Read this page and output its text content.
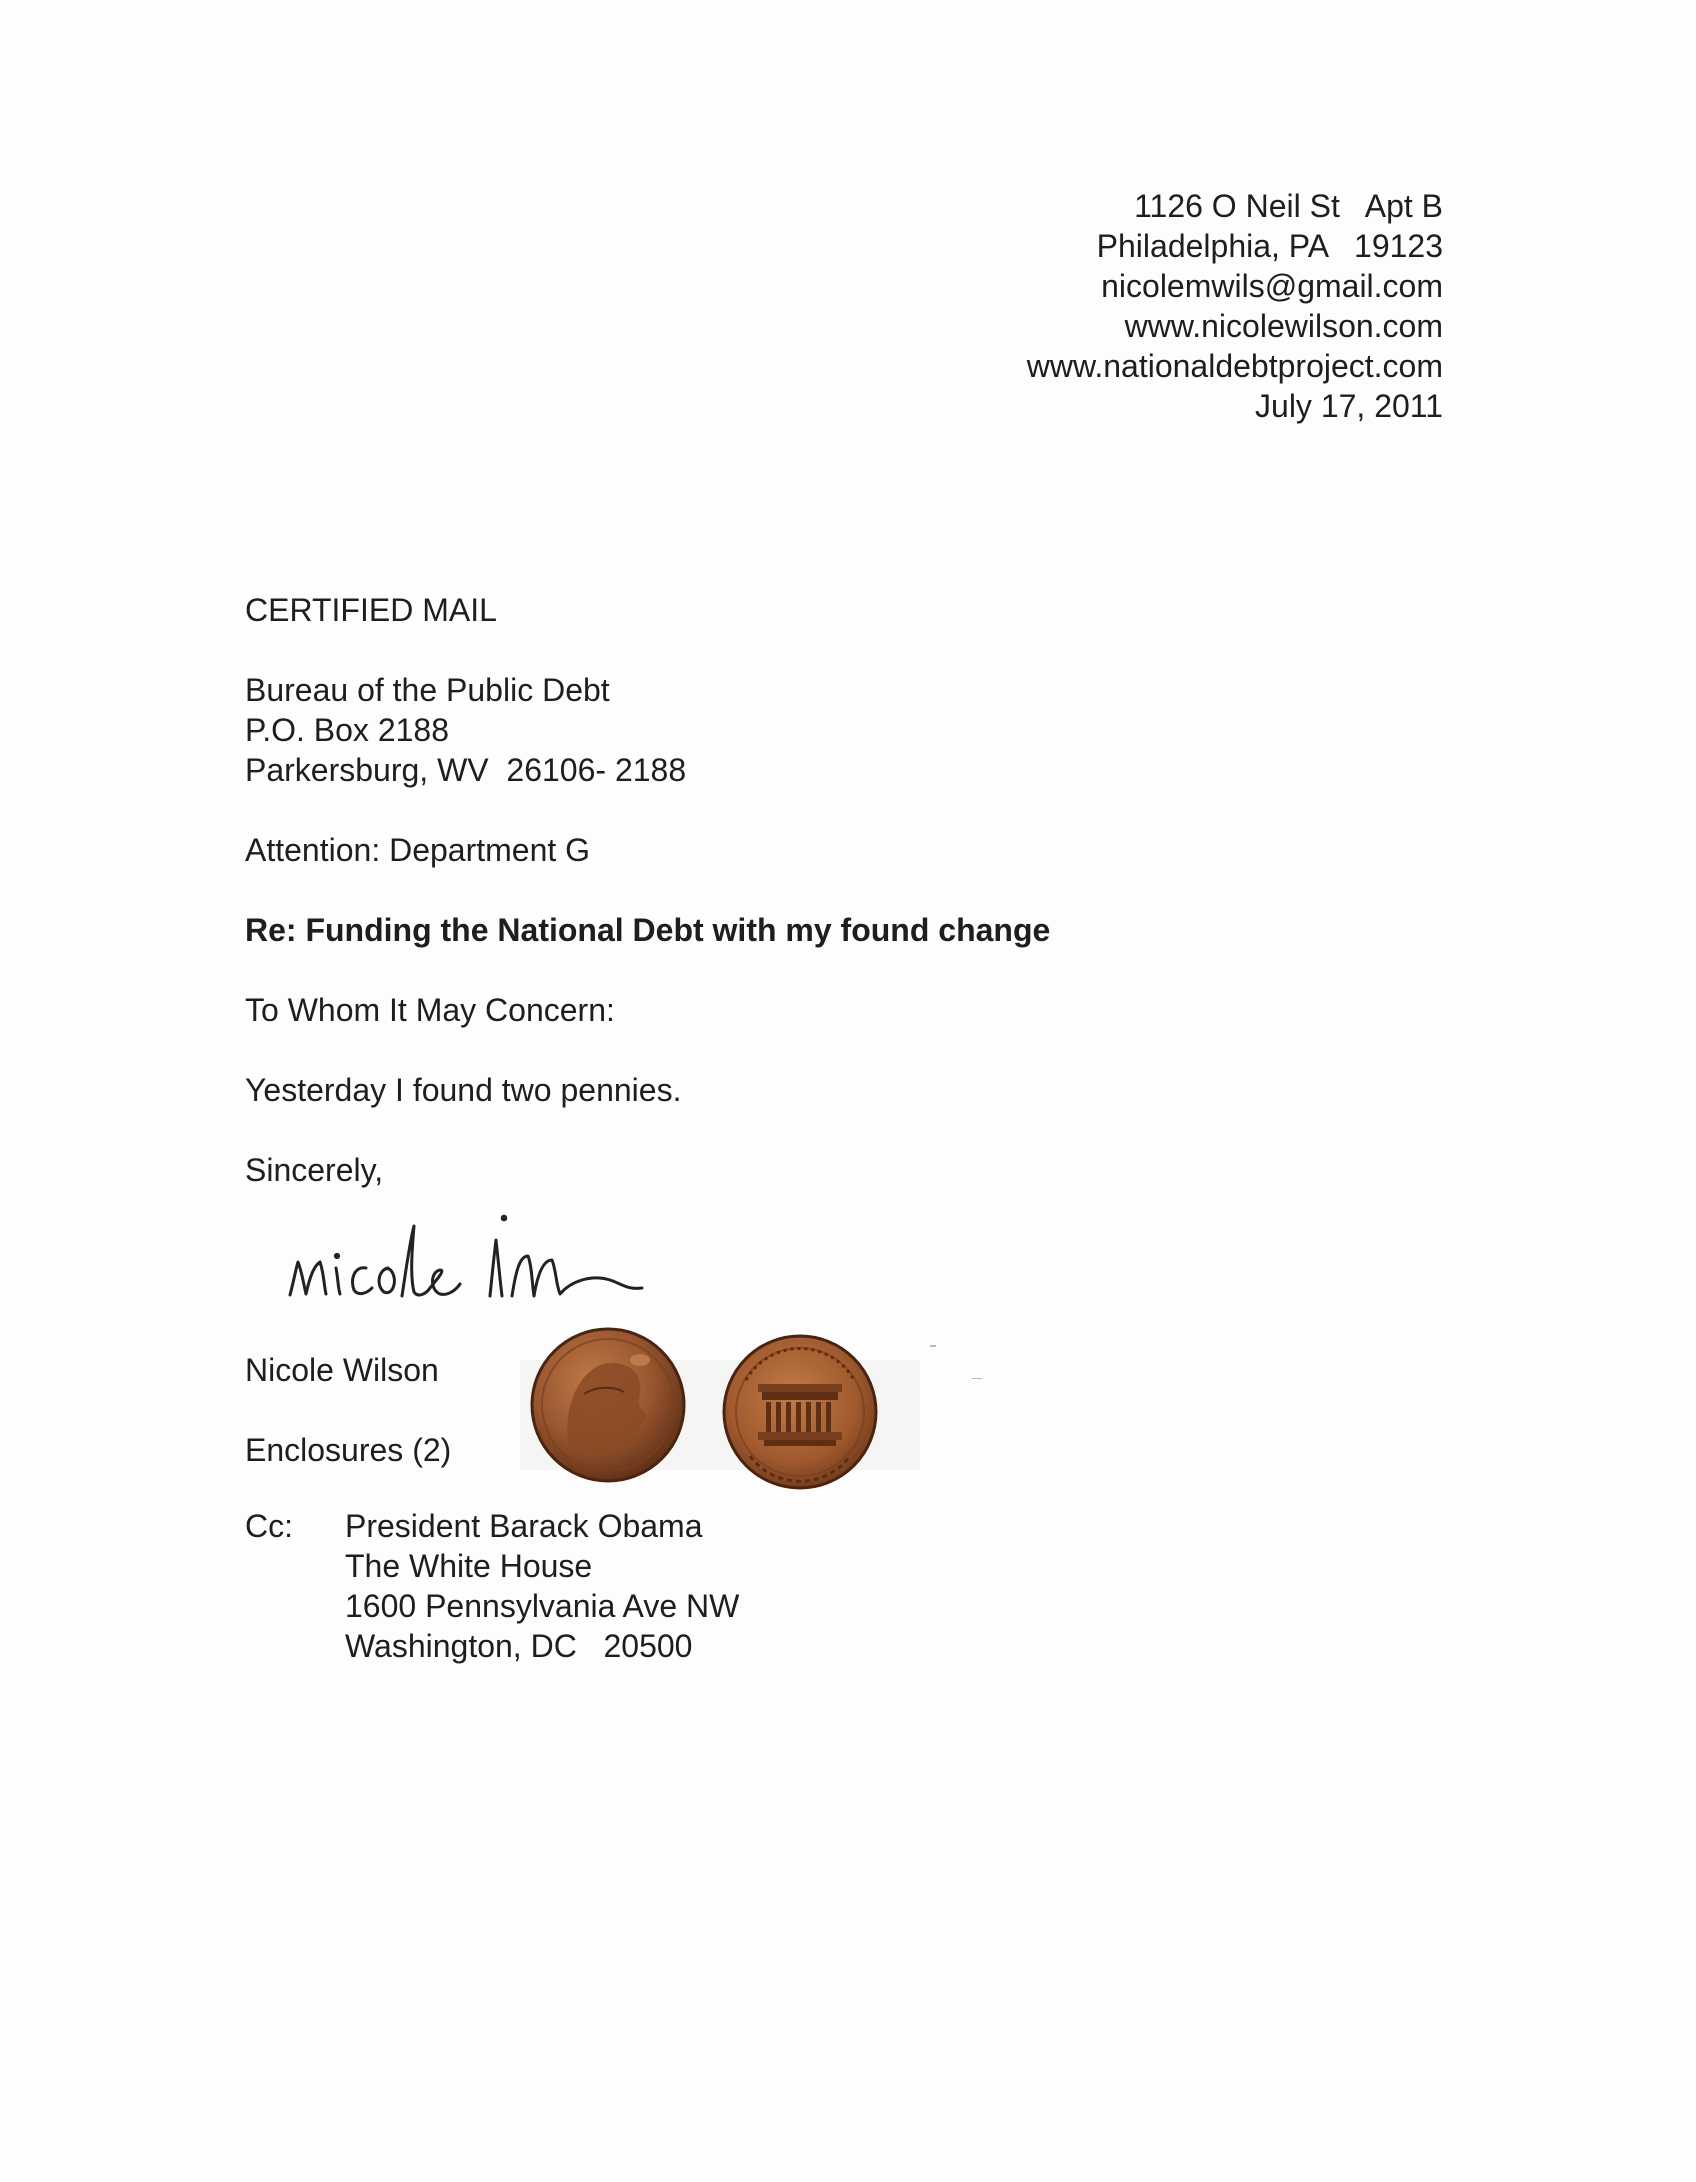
1126 O Neil St   Apt B
Philadelphia, PA   19123
nicolemwils@gmail.com
www.nicolewilson.com
www.nationaldebtproject.com
July 17, 2011

CERTIFIED MAIL

Bureau of the Public Debt
P.O. Box 2188
Parkersburg, WV  26106- 2188

Attention: Department G

Re: Funding the National Debt with my found change

To Whom It May Concern:

Yesterday I found two pennies.

Sincerely,

Nicole Wilson

Enclosures (2)

Cc: President Barack Obama
The White House
1600 Pennsylvania Ave NW
Washington, DC   20500
